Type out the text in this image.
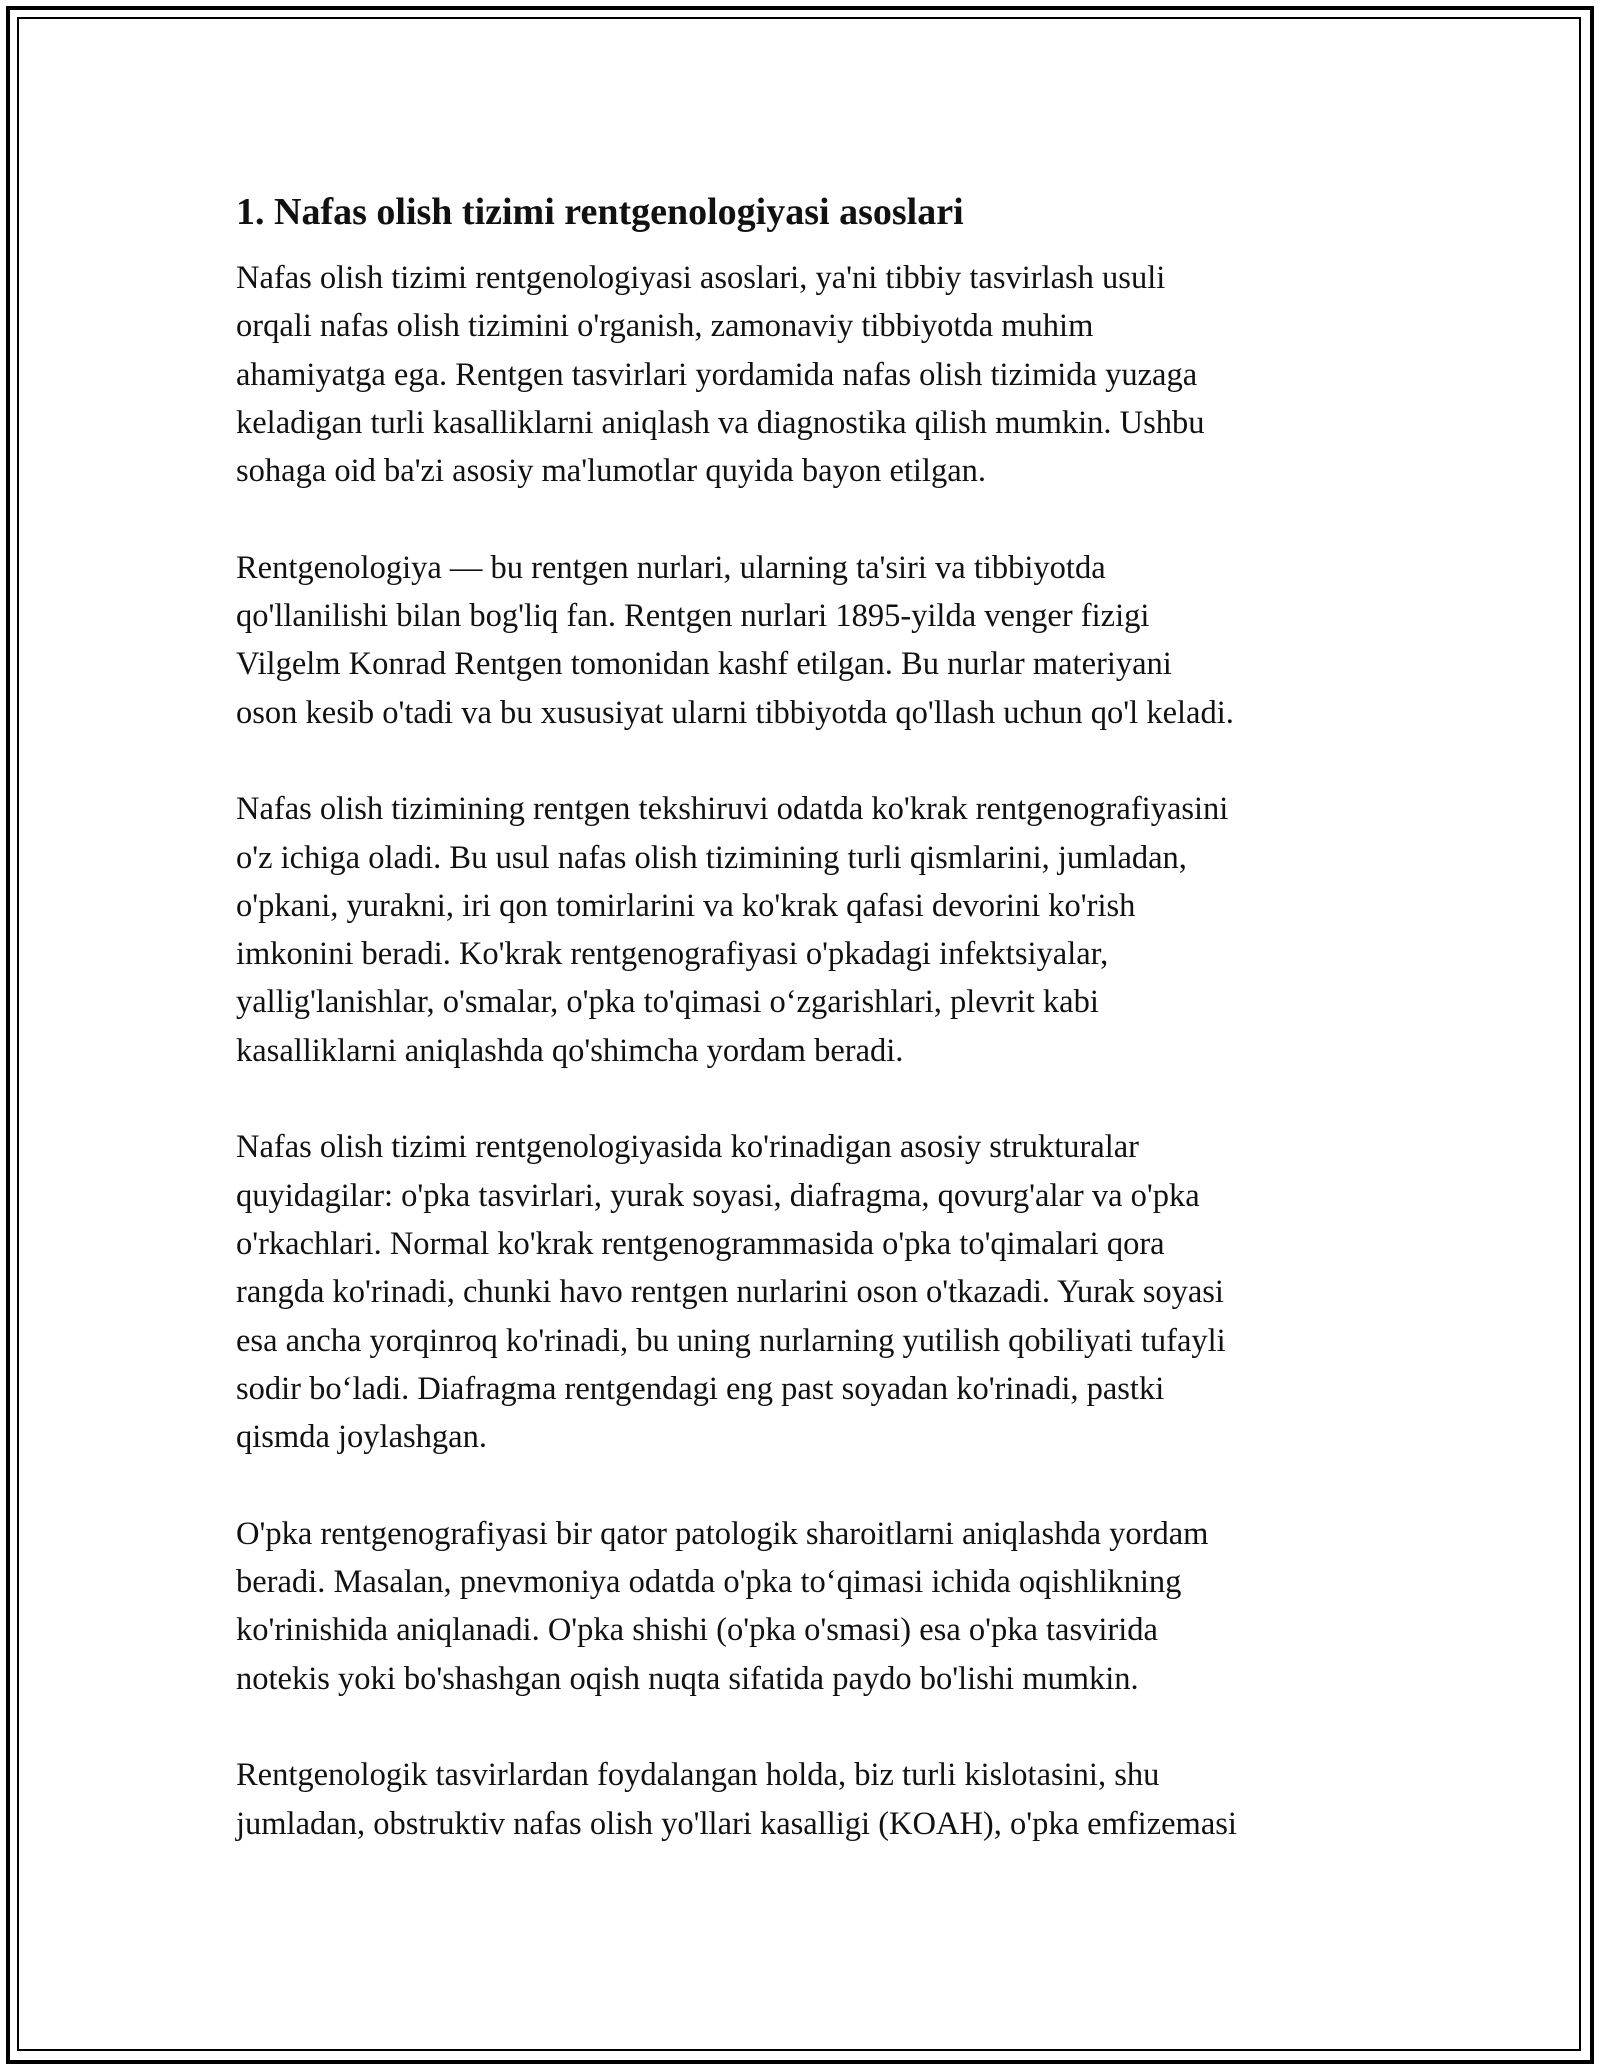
1. Nafas olish tizimi rentgenologiyasi asoslari
Nafas olish tizimi rentgenologiyasi asoslari, ya'ni tibbiy tasvirlash usuli
orqali nafas olish tizimini o'rganish, zamonaviy tibbiyotda muhim
ahamiyatga ega. Rentgen tasvirlari yordamida nafas olish tizimida yuzaga
keladigan turli kasalliklarni aniqlash va diagnostika qilish mumkin. Ushbu
sohaga oid ba'zi asosiy ma'lumotlar quyida bayon etilgan.
Rentgenologiya — bu rentgen nurlari, ularning ta'siri va tibbiyotda
qo'llanilishi bilan bog'liq fan. Rentgen nurlari 1895-yilda venger fizigi
Vilgelm Konrad Rentgen tomonidan kashf etilgan. Bu nurlar materiyani
oson kesib o'tadi va bu xususiyat ularni tibbiyotda qo'llash uchun qo'l keladi.
Nafas olish tizimining rentgen tekshiruvi odatda ko'krak rentgenografiyasini
o'z ichiga oladi. Bu usul nafas olish tizimining turli qismlarini, jumladan,
o'pkani, yurakni, iri qon tomirlarini va ko'krak qafasi devorini ko'rish
imkonini beradi. Ko'krak rentgenografiyasi o'pkadagi infektsiyalar,
yallig'lanishlar, o'smalar, o'pka to'qimasi o‘zgarishlari, plevrit kabi
kasalliklarni aniqlashda qo'shimcha yordam beradi.
Nafas olish tizimi rentgenologiyasida ko'rinadigan asosiy strukturalar
quyidagilar: o'pka tasvirlari, yurak soyasi, diafragma, qovurg'alar va o'pka
o'rkachlari. Normal ko'krak rentgenogrammasida o'pka to'qimalari qora
rangda ko'rinadi, chunki havo rentgen nurlarini oson o'tkazadi. Yurak soyasi
esa ancha yorqinroq ko'rinadi, bu uning nurlarning yutilish qobiliyati tufayli
sodir bo‘ladi. Diafragma rentgendagi eng past soyadan ko'rinadi, pastki
qismda joylashgan.
O'pka rentgenografiyasi bir qator patologik sharoitlarni aniqlashda yordam
beradi. Masalan, pnevmoniya odatda o'pka to‘qimasi ichida oqishlikning
ko'rinishida aniqlanadi. O'pka shishi (o'pka o'smasi) esa o'pka tasvirida
notekis yoki bo'shashgan oqish nuqta sifatida paydo bo'lishi mumkin.
Rentgenologik tasvirlardan foydalangan holda, biz turli kislotasini, shu
jumladan, obstruktiv nafas olish yo'llari kasalligi (KOAH), o'pka emfizemasi
